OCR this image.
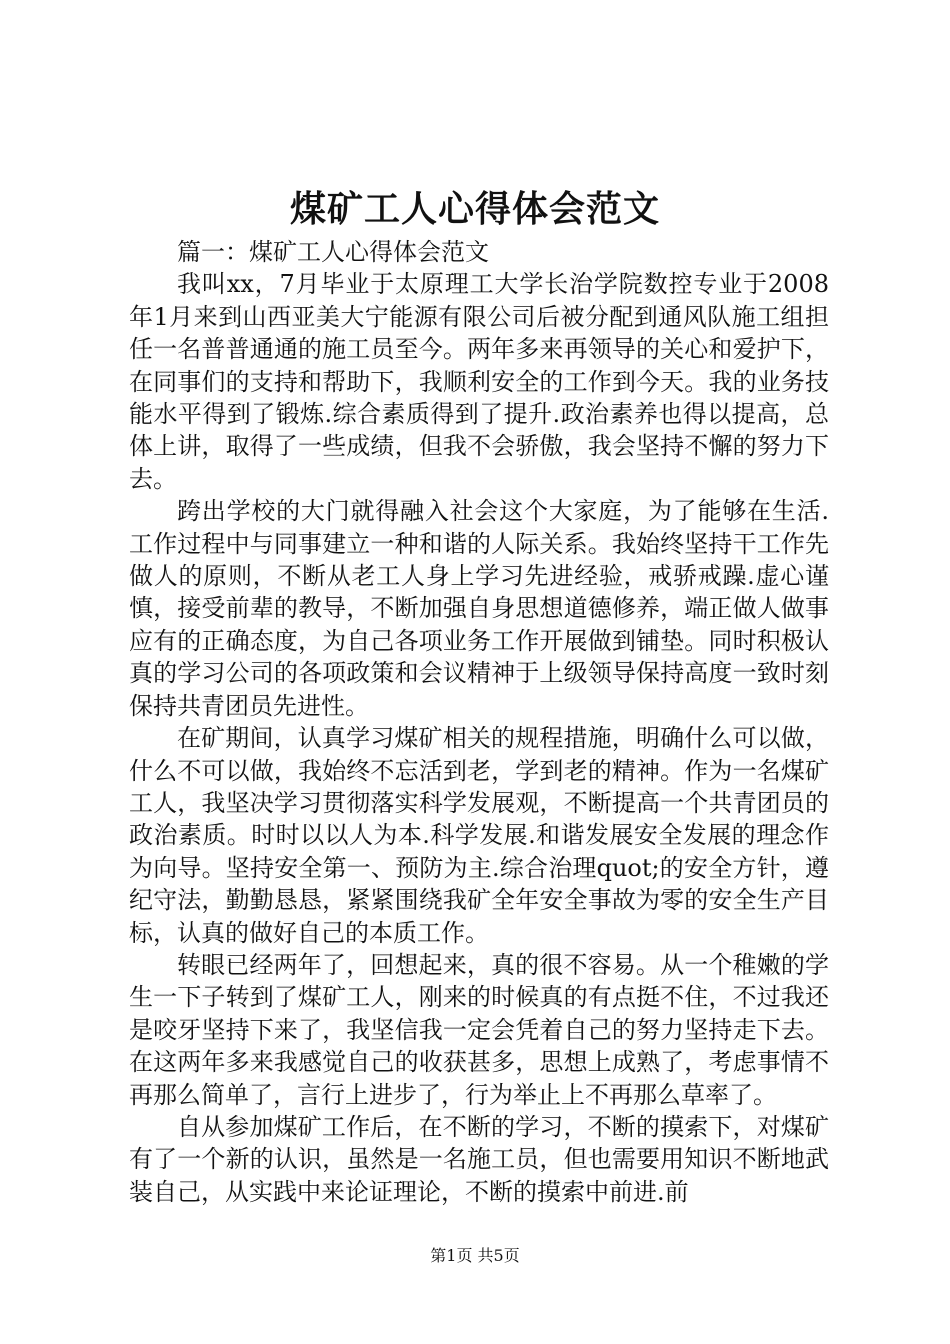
煤矿工人心得体会范文

篇一：煤矿工人心得体会范文

我叫xx，7月毕业于太原理工大学长治学院数控专业于2008年1月来到山西亚美大宁能源有限公司后被分配到通风队施工组担任一名普普通通的施工员至今。两年多来再领导的关心和爱护下，在同事们的支持和帮助下，我顺利安全的工作到今天。我的业务技能水平得到了锻炼.综合素质得到了提升.政治素养也得以提高，总体上讲，取得了一些成绩，但我不会骄傲，我会坚持不懈的努力下去。

跨出学校的大门就得融入社会这个大家庭，为了能够在生活.工作过程中与同事建立一种和谐的人际关系。我始终坚持干工作先做人的原则，不断从老工人身上学习先进经验，戒骄戒躁.虚心谨慎，接受前辈的教导，不断加强自身思想道德修养，端正做人做事应有的正确态度，为自己各项业务工作开展做到铺垫。同时积极认真的学习公司的各项政策和会议精神于上级领导保持高度一致时刻保持共青团员先进性。

在矿期间，认真学习煤矿相关的规程措施，明确什么可以做，什么不可以做，我始终不忘活到老，学到老的精神。作为一名煤矿工人，我坚决学习贯彻落实科学发展观，不断提高一个共青团员的政治素质。时时以以人为本.科学发展.和谐发展安全发展的理念作为向导。坚持安全第一、预防为主.综合治理quot;的安全方针，遵纪守法，勤勤恳恳，紧紧围绕我矿全年安全事故为零的安全生产目标，认真的做好自己的本质工作。

转眼已经两年了，回想起来，真的很不容易。从一个稚嫩的学生一下子转到了煤矿工人，刚来的时候真的有点挺不住，不过我还是咬牙坚持下来了，我坚信我一定会凭着自己的努力坚持走下去。在这两年多来我感觉自己的收获甚多，思想上成熟了，考虑事情不再那么简单了，言行上进步了，行为举止上不再那么草率了。

自从参加煤矿工作后，在不断的学习，不断的摸索下，对煤矿有了一个新的认识，虽然是一名施工员，但也需要用知识不断地武装自己，从实践中来论证理论，不断的摸索中前进.前

第1页 共5页
